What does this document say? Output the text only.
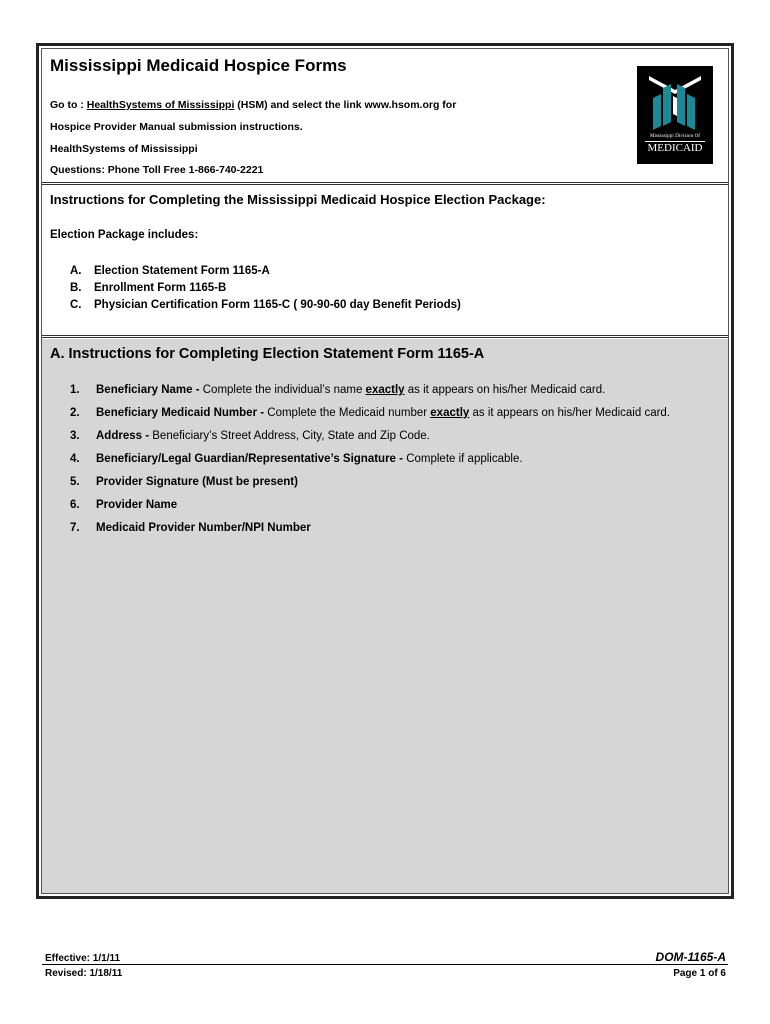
Mississippi Medicaid Hospice Forms
Go to : HealthSystems of Mississippi (HSM) and select the link www.hsom.org for
Hospice Provider Manual submission instructions.
HealthSystems of Mississippi
Questions: Phone Toll Free 1-866-740-2221
Mississippi Division Of
MEDICAID
Instructions for Completing the Mississippi Medicaid Hospice Election Package:
Election Package includes:
A. Election Statement Form 1165-A
B. Enrollment Form 1165-B
C. Physician Certification Form 1165-C ( 90-90-60 day Benefit Periods)
A. Instructions for Completing Election Statement Form 1165-A
1. Beneficiary Name - Complete the individual’s name exactly as it appears on his/her Medicaid card.
2. Beneficiary Medicaid Number - Complete the Medicaid number exactly as it appears on his/her Medicaid card.
3. Address - Beneficiary’s Street Address, City, State and Zip Code.
4. Beneficiary/Legal Guardian/Representative’s Signature - Complete if applicable.
5. Provider Signature (Must be present)
6. Provider Name
7. Medicaid Provider Number/NPI Number
Effective: 1/1/11
Revised: 1/18/11
DOM-1165-A
Page 1 of 6
